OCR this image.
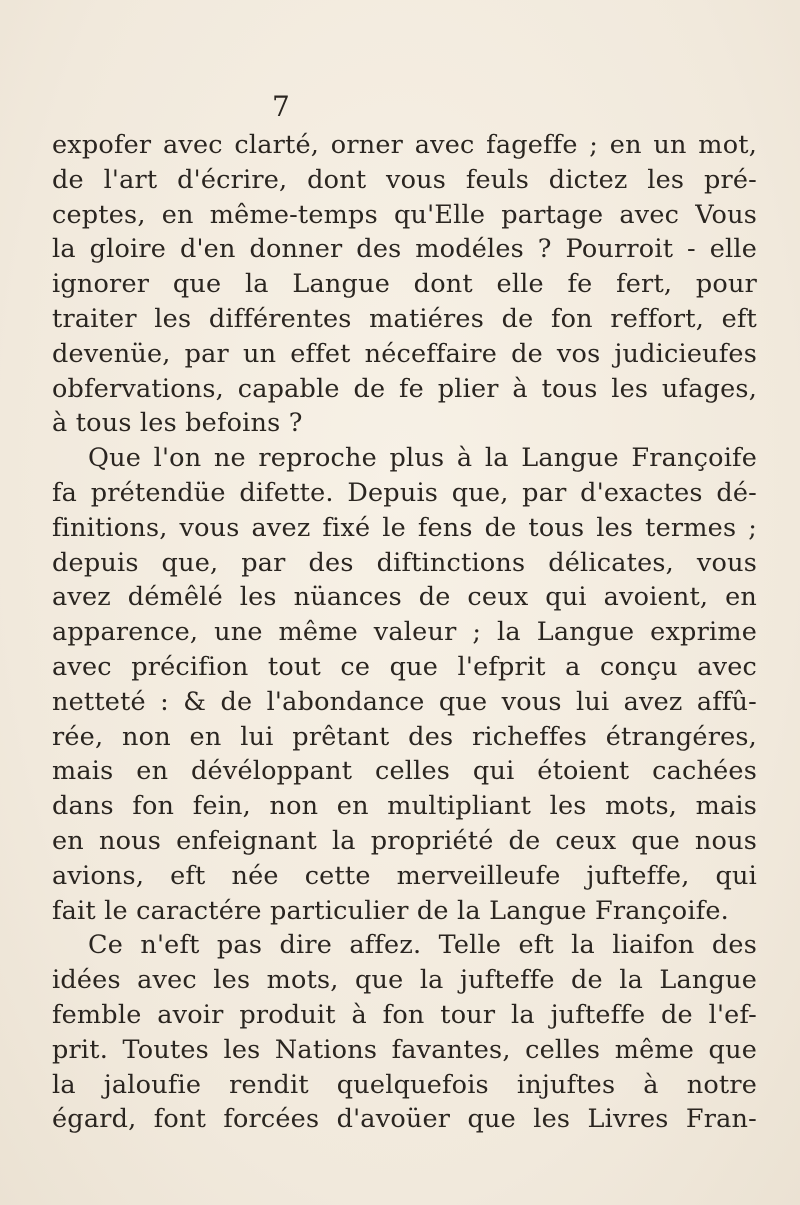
7
expofer avec clarté, orner avec fageffe ; en un mot,
de l'art d'écrire, dont vous feuls dictez les pré-
ceptes, en même-temps qu'Elle partage avec Vous
la gloire d'en donner des modéles ? Pourroit - elle
ignorer que la Langue dont elle fe fert, pour
traiter les différentes matiéres de fon reffort, eft
devenüe, par un effet néceffaire de vos judicieufes
obfervations, capable de fe plier à tous les ufages,
à tous les befoins ?
Que l'on ne reproche plus à la Langue Françoife
fa prétendüe difette. Depuis que, par d'exactes dé-
finitions, vous avez fixé le fens de tous les termes ;
depuis que, par des diftinctions délicates, vous
avez démêlé les nüances de ceux qui avoient, en
apparence, une même valeur ; la Langue exprime
avec précifion tout ce que l'efprit a conçu avec
netteté : & de l'abondance que vous lui avez affû-
rée, non en lui prêtant des richeffes étrangéres,
mais en dévéloppant celles qui étoient cachées
dans fon fein, non en multipliant les mots, mais
en nous enfeignant la propriété de ceux que nous
avions, eft née cette merveilleufe jufteffe, qui
fait le caractére particulier de la Langue Françoife.
Ce n'eft pas dire affez. Telle eft la liaifon des
idées avec les mots, que la jufteffe de la Langue
femble avoir produit à fon tour la jufteffe de l'ef-
prit. Toutes les Nations favantes, celles même que
la jaloufie rendit quelquefois injuftes à notre
égard, font forcées d'avoüer que les Livres Fran-
